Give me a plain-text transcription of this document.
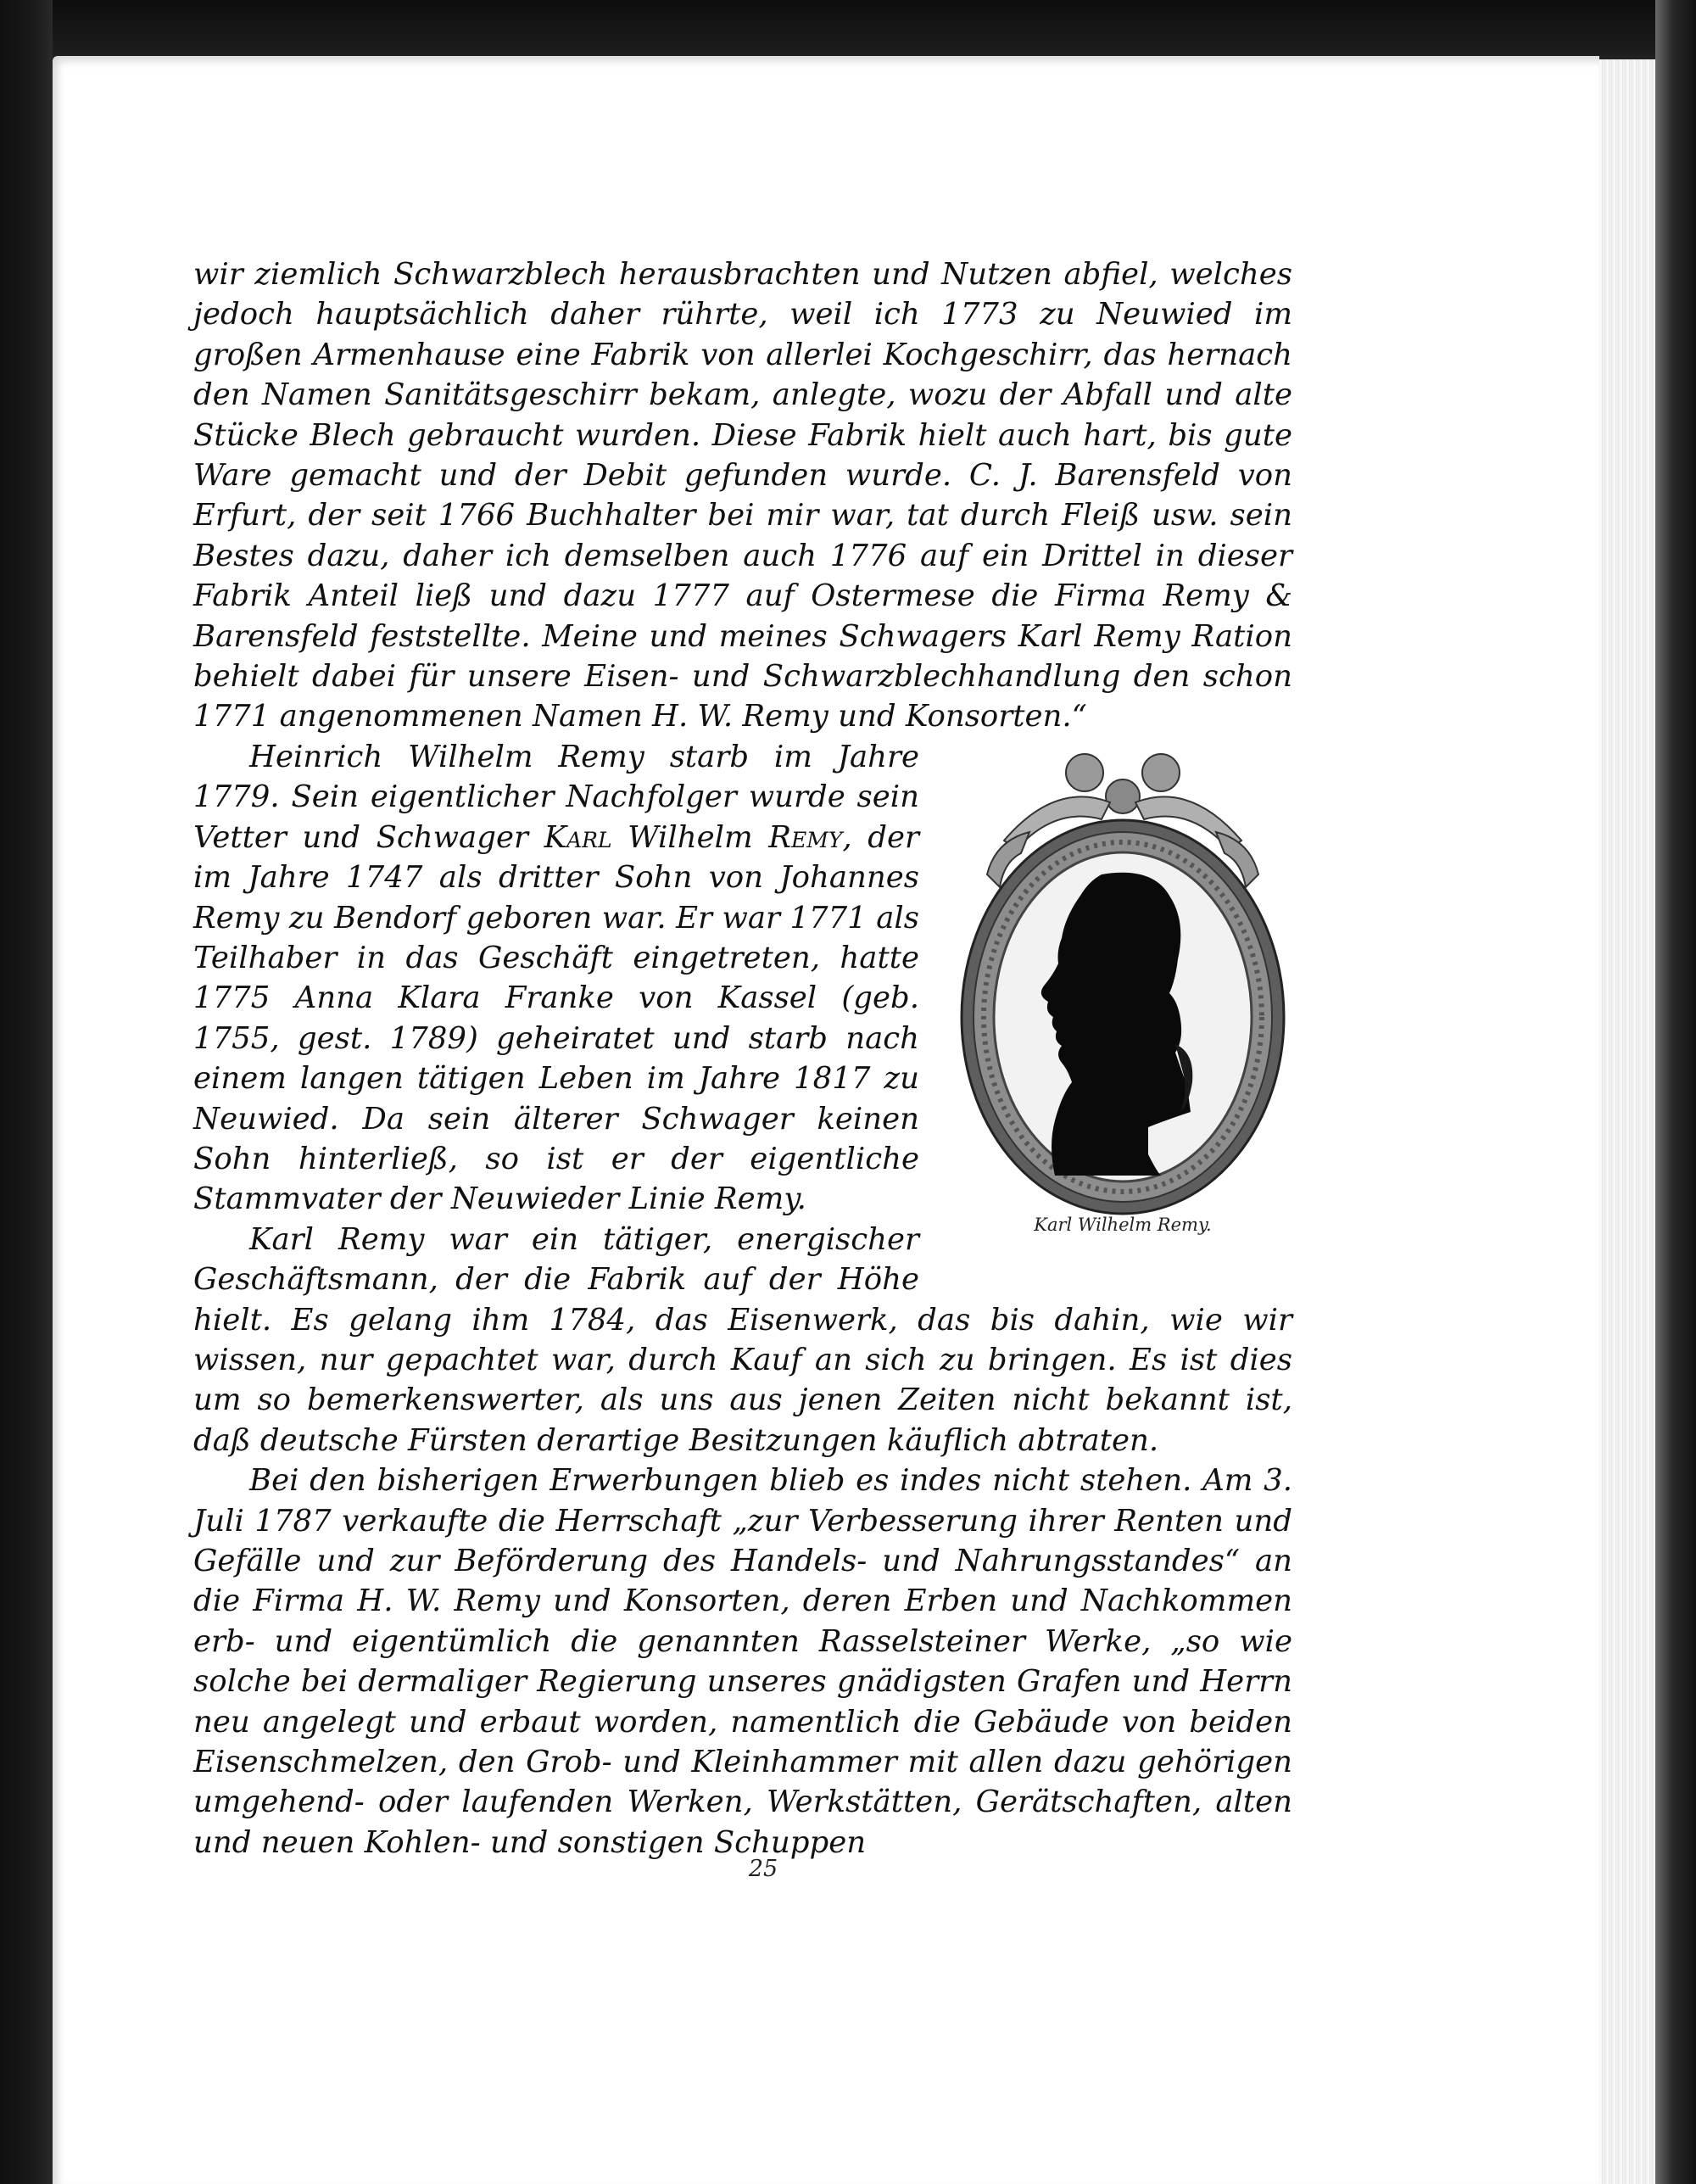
wir ziemlich Schwarzblech herausbrachten und Nutzen abfiel, welches jedoch hauptsächlich daher rührte, weil ich 1773 zu Neuwied im großen Armenhause eine Fabrik von allerlei Kochgeschirr, das hernach den Namen Sanitätsgeschirr bekam, anlegte, wozu der Abfall und alte Stücke Blech gebraucht wurden. Diese Fabrik hielt auch hart, bis gute Ware gemacht und der Debit gefunden wurde. C. J. Barensfeld von Erfurt, der seit 1766 Buchhalter bei mir war, tat durch Fleiß usw. sein Bestes dazu, daher ich demselben auch 1776 auf ein Drittel in dieser Fabrik Anteil ließ und dazu 1777 auf Ostermese die Firma Remy & Barensfeld feststellte. Meine und meines Schwagers Karl Remy Ration behielt dabei für unsere Eisen- und Schwarzblechhandlung den schon 1771 angenommenen Namen H. W. Remy und Konsorten.“

Karl Wilhelm Remy.

Heinrich Wilhelm Remy starb im Jahre 1779. Sein eigentlicher Nachfolger wurde sein Vetter und Schwager Karl Wilhelm Remy, der im Jahre 1747 als dritter Sohn von Johannes Remy zu Bendorf geboren war. Er war 1771 als Teilhaber in das Geschäft eingetreten, hatte 1775 Anna Klara Franke von Kassel (geb. 1755, gest. 1789) geheiratet und starb nach einem langen tätigen Leben im Jahre 1817 zu Neuwied. Da sein älterer Schwager keinen Sohn hinterließ, so ist er der eigentliche Stammvater der Neuwieder Linie Remy.

Karl Remy war ein tätiger, energischer Geschäftsmann, der die Fabrik auf der Höhe hielt. Es gelang ihm 1784, das Eisenwerk, das bis dahin, wie wir wissen, nur gepachtet war, durch Kauf an sich zu bringen. Es ist dies um so bemerkenswerter, als uns aus jenen Zeiten nicht bekannt ist, daß deutsche Fürsten derartige Besitzungen käuflich abtraten.

Bei den bisherigen Erwerbungen blieb es indes nicht stehen. Am 3. Juli 1787 verkaufte die Herrschaft „zur Verbesserung ihrer Renten und Gefälle und zur Beförderung des Handels- und Nahrungsstandes“ an die Firma H. W. Remy und Konsorten, deren Erben und Nachkommen erb- und eigentümlich die genannten Rasselsteiner Werke, „so wie solche bei dermaliger Regierung unseres gnädigsten Grafen und Herrn neu angelegt und erbaut worden, namentlich die Gebäude von beiden Eisenschmelzen, den Grob- und Kleinhammer mit allen dazu gehörigen umgehend- oder laufenden Werken, Werkstätten, Gerätschaften, alten und neuen Kohlen- und sonstigen Schuppen

25
